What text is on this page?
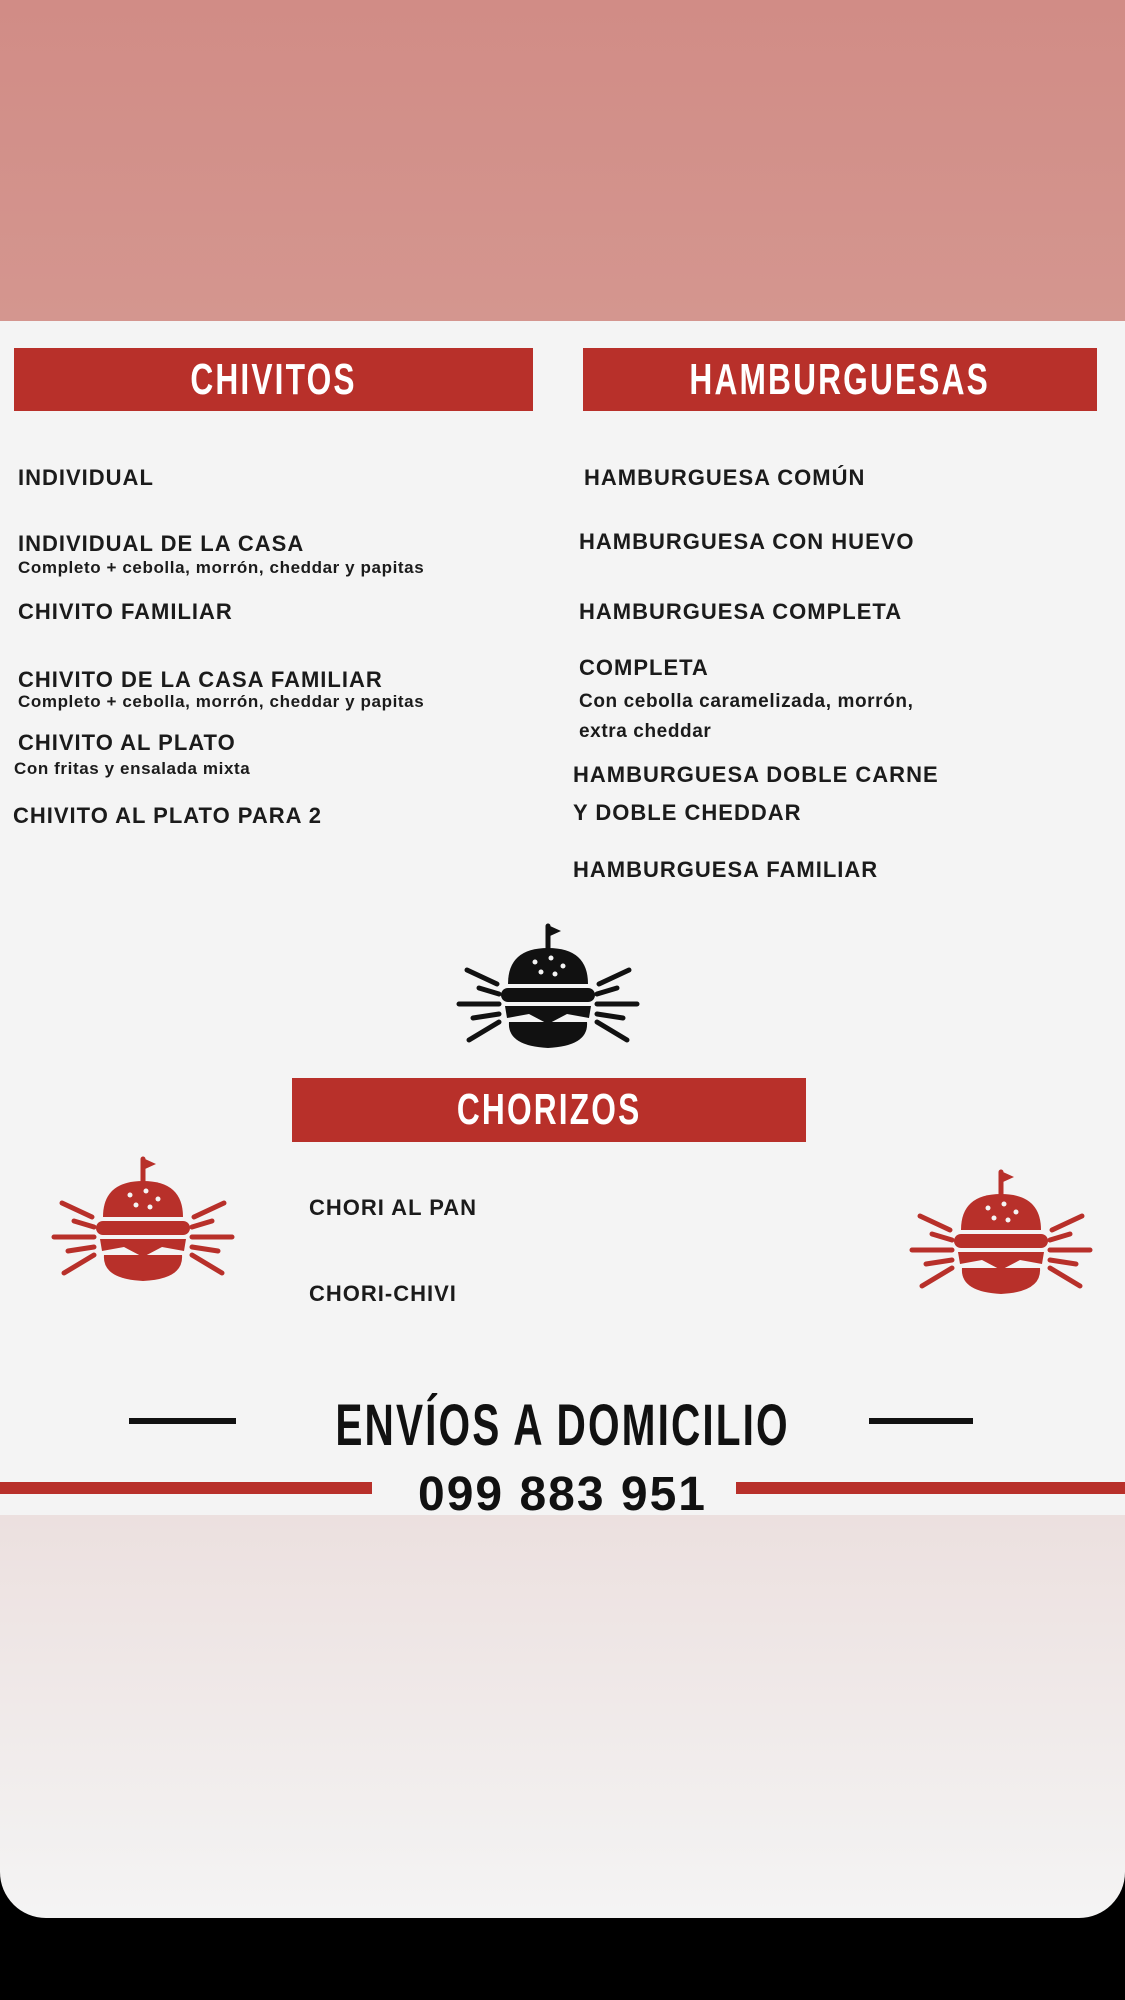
CHIVITOS	HAMBURGUESAS
INDIVIDUAL
INDIVIDUAL DE LA CASA
Completo + cebolla, morrón, cheddar y papitas
CHIVITO FAMILIAR
CHIVITO DE LA CASA FAMILIAR
Completo + cebolla, morrón, cheddar y papitas
CHIVITO AL PLATO
Con fritas y ensalada mixta
CHIVITO AL PLATO PARA 2
HAMBURGUESA COMÚN
HAMBURGUESA CON HUEVO
HAMBURGUESA COMPLETA
COMPLETA
Con cebolla caramelizada, morrón,
extra cheddar
HAMBURGUESA DOBLE CARNE
Y DOBLE CHEDDAR
HAMBURGUESA FAMILIAR
CHORIZOS
CHORI AL PAN
CHORI-CHIVI
ENVÍOS A DOMICILIO
099 883 951
